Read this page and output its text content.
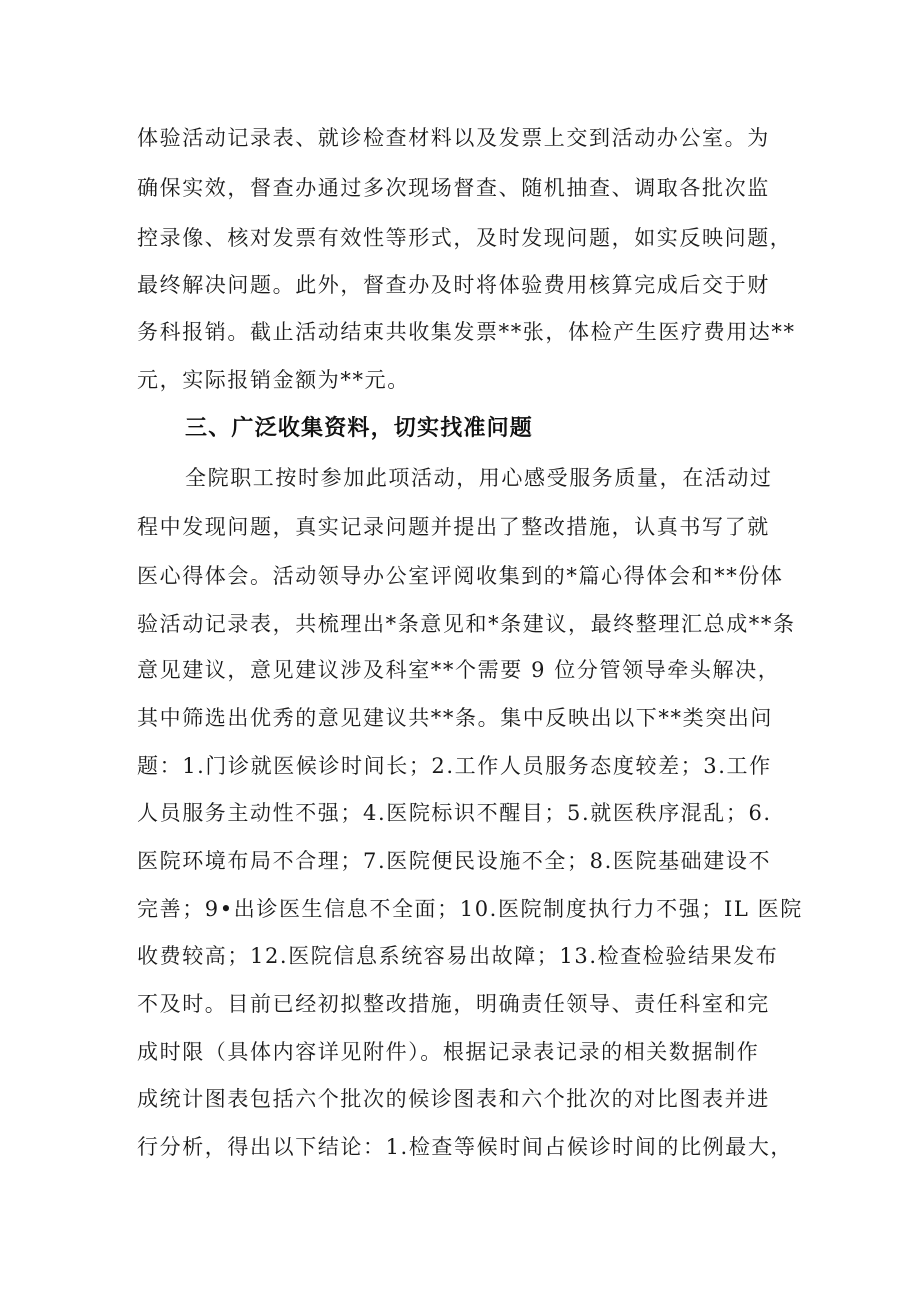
体验活动记录表、就诊检查材料以及发票上交到活动办公室。为
确保实效，督查办通过多次现场督查、随机抽查、调取各批次监
控录像、核对发票有效性等形式，及时发现问题，如实反映问题，
最终解决问题。此外，督查办及时将体验费用核算完成后交于财
务科报销。截止活动结束共收集发票**张，体检产生医疗费用达**
元，实际报销金额为**元。
三、广泛收集资料，切实找准问题
全院职工按时参加此项活动，用心感受服务质量，在活动过
程中发现问题，真实记录问题并提出了整改措施，认真书写了就
医心得体会。活动领导办公室评阅收集到的*篇心得体会和**份体
验活动记录表，共梳理出*条意见和*条建议，最终整理汇总成**条
意见建议，意见建议涉及科室**个需要 9 位分管领导牵头解决，
其中筛选出优秀的意见建议共**条。集中反映出以下**类突出问
题：1.门诊就医候诊时间长；2.工作人员服务态度较差；3.工作
人员服务主动性不强；4.医院标识不醒目；5.就医秩序混乱；6.
医院环境布局不合理；7.医院便民设施不全；8.医院基础建设不
完善；9•出诊医生信息不全面；10.医院制度执行力不强；IL 医院
收费较高；12.医院信息系统容易出故障；13.检查检验结果发布
不及时。目前已经初拟整改措施，明确责任领导、责任科室和完
成时限（具体内容详见附件）。根据记录表记录的相关数据制作
成统计图表包括六个批次的候诊图表和六个批次的对比图表并进
行分析，得出以下结论：1.检查等候时间占候诊时间的比例最大，
